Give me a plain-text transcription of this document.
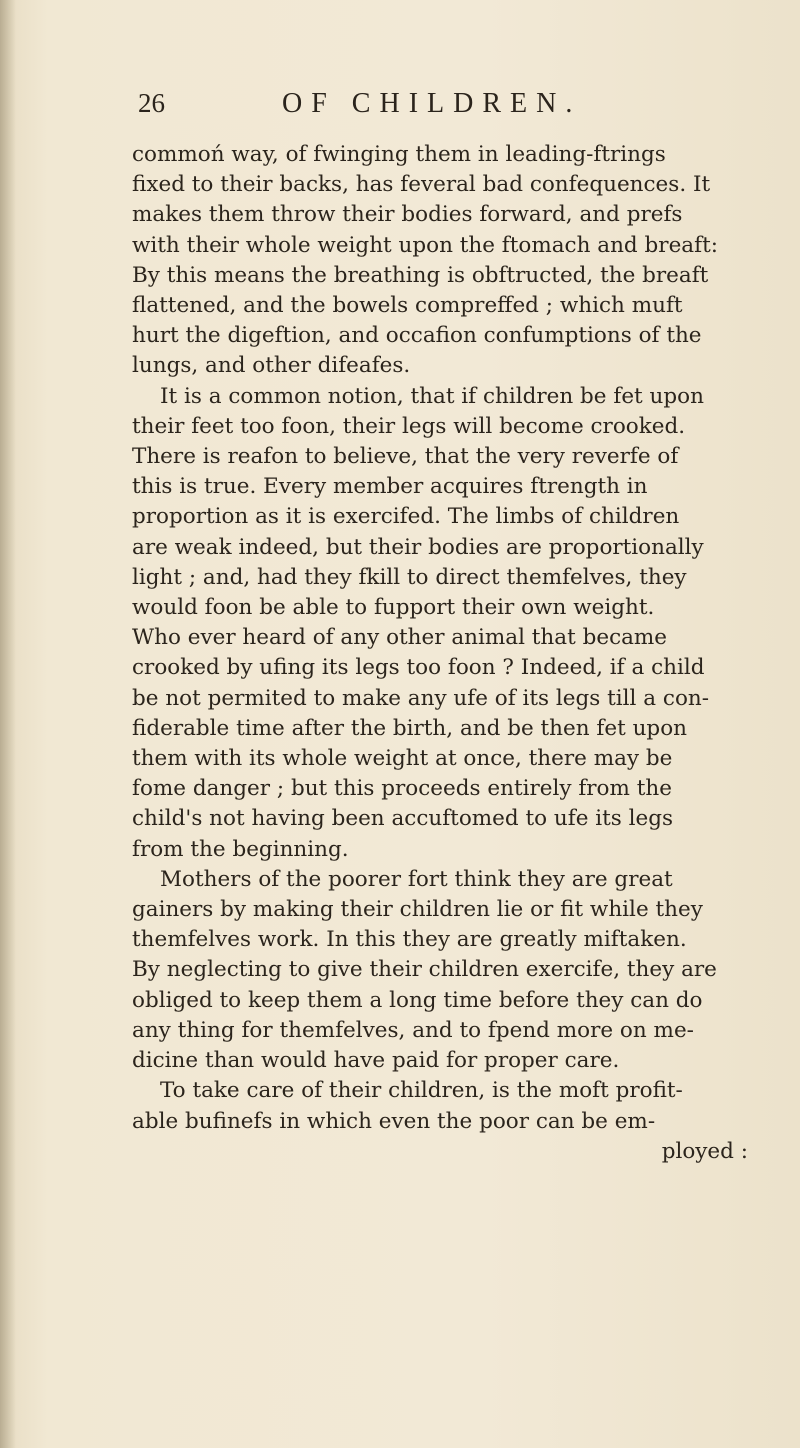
26	OF CHILDREN.
commoń way, of fwinging them in leading-ftrings
fixed to their backs, has feveral bad confequences. It
makes them throw their bodies forward, and prefs
with their whole weight upon the ftomach and breaft:
By this means the breathing is obftructed, the breaft
flattened, and the bowels compreffed ; which muft
hurt the digeftion, and occafion confumptions of the
lungs, and other difeafes.
It is a common notion, that if children be fet upon
their feet too foon, their legs will become crooked.
There is reafon to believe, that the very reverfe of
this is true. Every member acquires ftrength in
proportion as it is exercifed. The limbs of children
are weak indeed, but their bodies are proportionally
light ; and, had they fkill to direct themfelves, they
would foon be able to fupport their own weight.
Who ever heard of any other animal that became
crooked by ufing its legs too foon ? Indeed, if a child
be not permited to make any ufe of its legs till a con-
fiderable time after the birth, and be then fet upon
them with its whole weight at once, there may be
fome danger ; but this proceeds entirely from the
child's not having been accuftomed to ufe its legs
from the beginning.
Mothers of the poorer fort think they are great
gainers by making their children lie or fit while they
themfelves work. In this they are greatly miftaken.
By neglecting to give their children exercife, they are
obliged to keep them a long time before they can do
any thing for themfelves, and to fpend more on me-
dicine than would have paid for proper care.
To take care of their children, is the moft profit-
able bufinefs in which even the poor can be em-
ployed :
